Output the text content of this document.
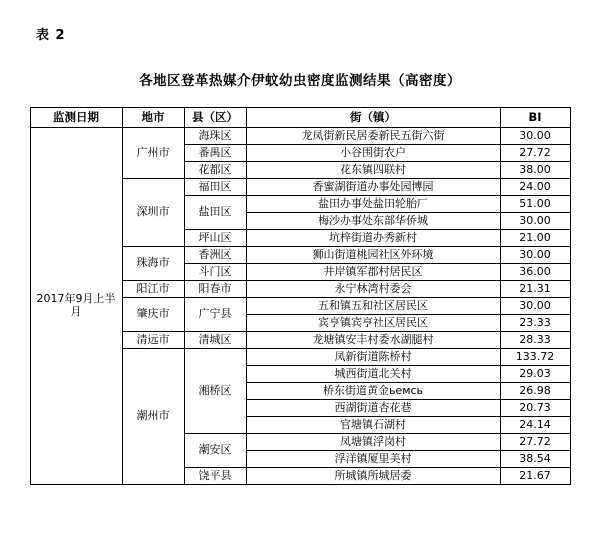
表 2
各地区登革热媒介伊蚊幼虫密度监测结果（高密度）
监测日期	地市	县（区）	街（镇）	BI
2017年9月上半月	广州市	海珠区	龙凤街新民居委新民五街六街	30.00
		番禺区	小谷围街农户	27.72
		花都区	花东镇四联村	38.00
	深圳市	福田区	香蜜湖街道办事处园博园	24.00
		盐田区	盐田办事处盐田轮胎厂	51.00
			梅沙办事处东部华侨城	30.00
		坪山区	坑梓街道办秀新村	21.00
	珠海市	香洲区	狮山街道桃园社区外环境	30.00
		斗门区	井岸镇军郡村居民区	36.00
	阳江市	阳春市	永宁林湾村委会	21.31
	肇庆市	广宁县	五和镇五和社区居民区	30.00
			宾亨镇宾亨社区居民区	23.33
	清远市	清城区	龙塘镇安丰村委水湖腿村	28.33
	潮州市	湘桥区	凤新街道陈桥村	133.72
			城西街道北关村	29.03
			桥东街道黄金ьемсь	26.98
			西湖街道杏花巷	20.73
			官塘镇石湖村	24.14
		潮安区	凤塘镇浮岗村	27.72
			浮洋镇厦里美村	38.54
		饶平县	所城镇所城居委	21.67
